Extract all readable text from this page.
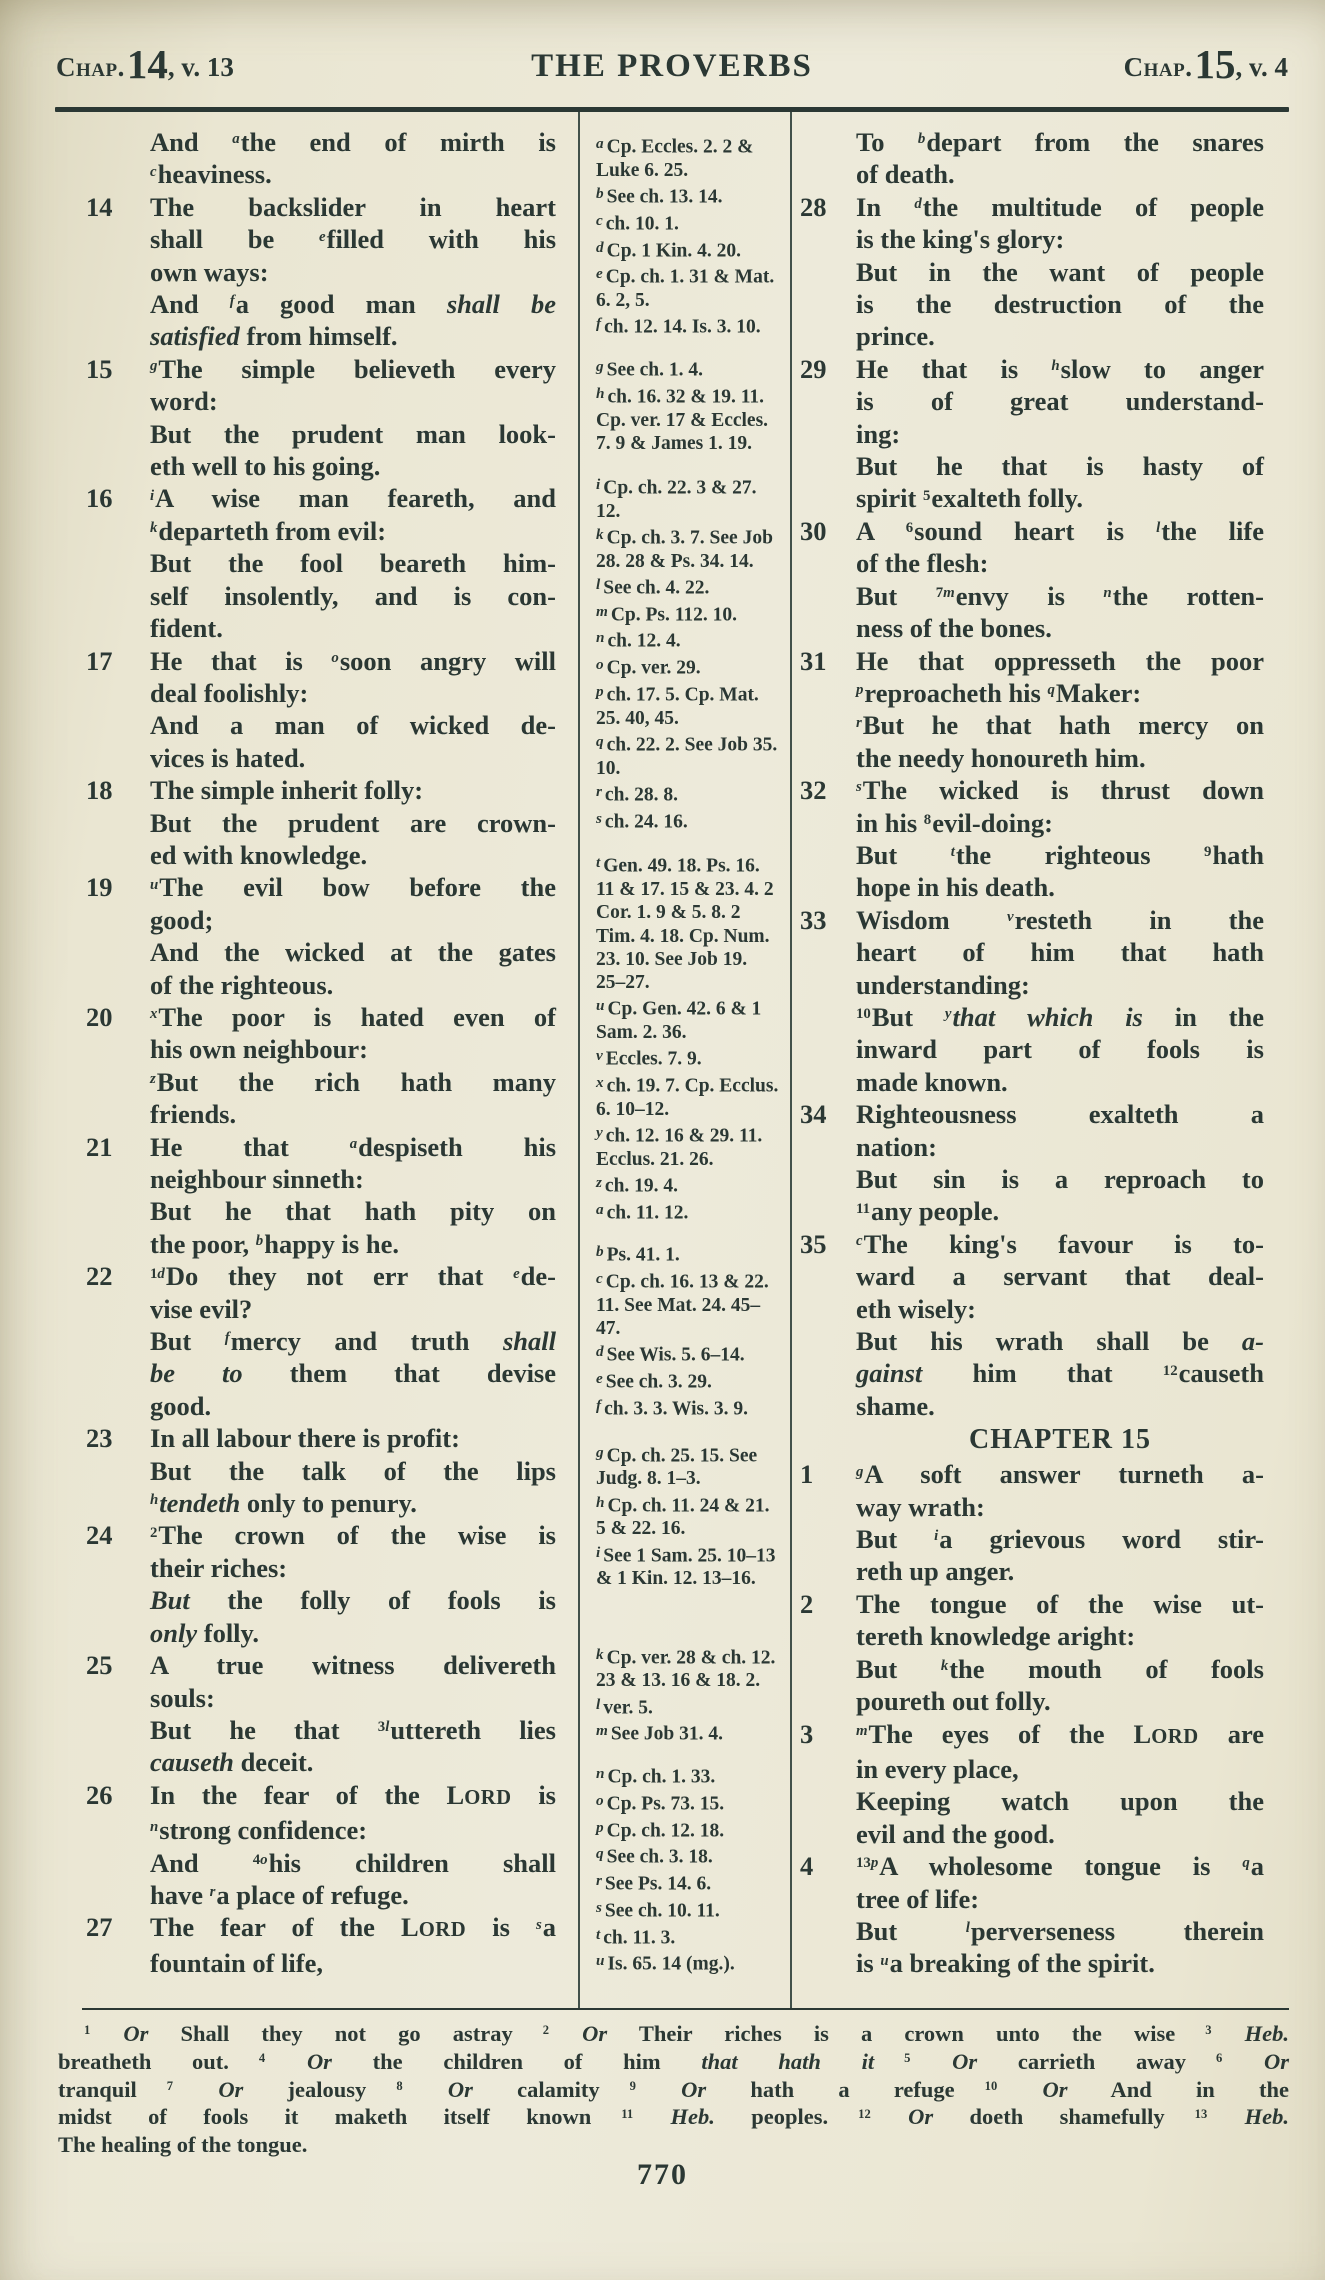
Chap.14, v. 13	THE PROVERBS	Chap.15, v. 4
And $^a$the end of mirth is
$^c$heaviness.
14 The backslider in heart
shall be $^e$filled with his
own ways:
And $^f$a good man shall be
satisfied from himself.
15	$^g$The simple believeth every
word:
But the prudent man look-
eth well to his going.
16	$^i$A wise man feareth, and
$^k$departeth from evil:
But the fool beareth him-
self insolently, and is con-
fident.
17 He that is $^o$soon angry will
deal foolishly:
And a man of wicked de-
vices is hated.
18 The simple inherit folly:
But the prudent are crown-
ed with knowledge.
19	$^u$The evil bow before the
good;
And the wicked at the gates
of the righteous.
20	$^x$The poor is hated even of
his own neighbour:
$^z$But the rich hath many
friends.
21 He that $^a$despiseth his
neighbour sinneth:
But he that hath pity on
the poor, $^b$happy is he.
22	$^{1d}$Do they not err that $^e$de-
vise evil?
But $^f$mercy and truth shall
be to them that devise
good.
23 In all labour there is profit:
But the talk of the lips
$^h$tendeth only to penury.
24	$^2$The crown of the wise is
their riches:
But the folly of fools is
only folly.
25 A true witness delivereth
souls:
But he that $^{3l}$uttereth lies
causeth deceit.
26 In the fear of the LORD is
$^n$strong confidence:
And $^{4o}$his children shall
have $^r$a place of refuge.
27 The fear of the LORD is $^s$a
fountain of life,
$^a$ Cp. Eccles. 2. 2 & Luke 6. 25.
$^b$ See ch. 13. 14.
$^c$ ch. 10. 1.
$^d$ Cp. 1 Kin. 4. 20.
$^e$ Cp. ch. 1. 31 & Mat. 6. 2, 5.
$^f$ ch. 12. 14. Is. 3. 10.
$^g$ See ch. 1. 4.
$^h$ ch. 16. 32 & 19. 11. Cp. ver. 17 & Eccles. 7. 9 & James 1. 19.
$^i$ Cp. ch. 22. 3 & 27. 12.
$^k$ Cp. ch. 3. 7. See Job 28. 28 & Ps. 34. 14.
$^l$ See ch. 4. 22.
$^m$ Cp. Ps. 112. 10.
$^n$ ch. 12. 4.
$^o$ Cp. ver. 29.
$^p$ ch. 17. 5. Cp. Mat. 25. 40, 45.
$^q$ ch. 22. 2. See Job 35. 10.
$^r$ ch. 28. 8.
$^s$ ch. 24. 16.
$^t$ Gen. 49. 18. Ps. 16. 11 & 17. 15 & 23. 4. 2 Cor. 1. 9 & 5. 8. 2 Tim. 4. 18. Cp. Num. 23. 10. See Job 19. 25–27.
$^u$ Cp. Gen. 42. 6 & 1 Sam. 2. 36.
$^v$ Eccles. 7. 9.
$^x$ ch. 19. 7. Cp. Ecclus. 6. 10–12.
$^y$ ch. 12. 16 & 29. 11. Ecclus. 21. 26.
$^z$ ch. 19. 4.
$^a$ ch. 11. 12.
$^b$ Ps. 41. 1.
$^c$ Cp. ch. 16. 13 & 22. 11. See Mat. 24. 45–47.
$^d$ See Wis. 5. 6–14.
$^e$ See ch. 3. 29.
$^f$ ch. 3. 3. Wis. 3. 9.
$^g$ Cp. ch. 25. 15. See Judg. 8. 1–3.
$^h$ Cp. ch. 11. 24 & 21. 5 & 22. 16.
$^i$ See 1 Sam. 25. 10–13 & 1 Kin. 12. 13–16.
$^k$ Cp. ver. 28 & ch. 12. 23 & 13. 16 & 18. 2.
$^l$ ver. 5.
$^m$ See Job 31. 4.
$^n$ Cp. ch. 1. 33.
$^o$ Cp. Ps. 73. 15.
$^p$ Cp. ch. 12. 18.
$^q$ See ch. 3. 18.
$^r$ See Ps. 14. 6.
$^s$ See ch. 10. 11.
$^t$ ch. 11. 3.
$^u$ Is. 65. 14 (mg.).
To $^b$depart from the snares
of death.
28 In $^d$the multitude of people
is the king's glory:
But in the want of people
is the destruction of the
prince.
29 He that is $^h$slow to anger
is of great understand-
ing:
But he that is hasty of
spirit $^5$exalteth folly.
30 A $^6$sound heart is $^l$the life
of the flesh:
But $^{7m}$envy is $^n$the rotten-
ness of the bones.
31 He that oppresseth the poor
$^p$reproacheth his $^q$Maker:
$^r$But he that hath mercy on
the needy honoureth him.
32 $^s$The wicked is thrust down
in his $^8$evil-doing:
But $^t$the righteous $^9$hath
hope in his death.
33 Wisdom $^v$resteth in the
heart of him that hath
understanding:
$^{10}$But $^y$that which is in the
inward part of fools is
made known.
34 Righteousness exalteth a
nation:
But sin is a reproach to
$^{11}$any people.
35 $^c$The king's favour is to-
ward a servant that deal-
eth wisely:
But his wrath shall be a-
gainst him that $^{12}$causeth
shame.
CHAPTER 15
1	$^g$A soft answer turneth a-
way wrath:
But $^i$a grievous word stir-
reth up anger.
2 The tongue of the wise ut-
tereth knowledge aright:
But $^k$the mouth of fools
poureth out folly.
3	$^m$The eyes of the LORD are
in every place,
Keeping watch upon the
evil and the good.
4	$^{13p}$A wholesome tongue is $^q$a
tree of life:
But $^l$perverseness therein
is $^u$a breaking of the spirit.
$^1$ Or Shall they not go astray $^2$ Or Their riches is a crown unto the wise $^3$ Heb.
breatheth out. $^4$ Or the children of him that hath it $^5$ Or carrieth away $^6$ Or
tranquil $^7$ Or jealousy $^8$ Or calamity $^9$ Or hath a refuge $^{10}$ Or And in the
midst of fools it maketh itself known $^{11}$ Heb. peoples. $^{12}$ Or doeth shamefully $^{13}$ Heb.
The healing of the tongue.
770
